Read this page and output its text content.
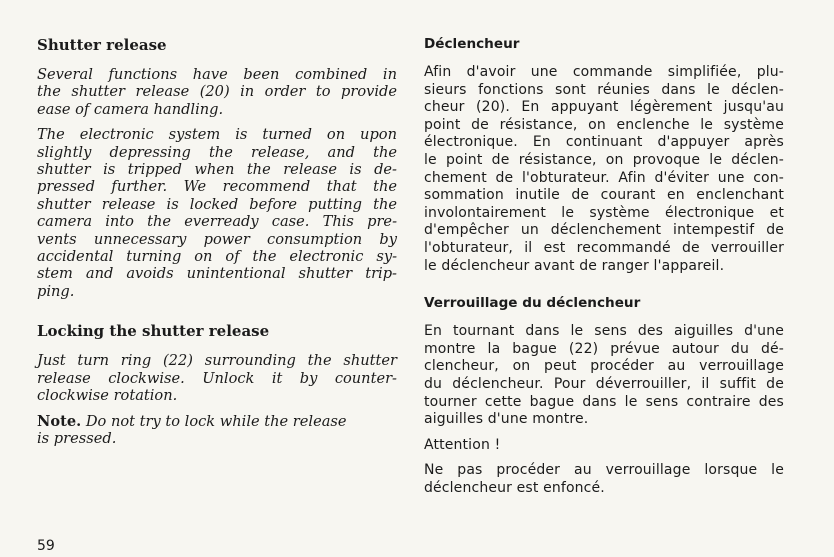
Shutter release

Several functions have been combined in
the shutter release (20) in order to provide
ease of camera handling.

The electronic system is turned on upon
slightly depressing the release, and the
shutter is tripped when the release is de-
pressed further. We recommend that the
shutter release is locked before putting the
camera into the everready case. This pre-
vents unnecessary power consumption by
accidental turning on of the electronic sy-
stem and avoids unintentional shutter trip-
ping.

Locking the shutter release

Just turn ring (22) surrounding the shutter
release clockwise. Unlock it by counter-
clockwise rotation.

Note. Do not try to lock while the release
is pressed.

Déclencheur

Afin d'avoir une commande simplifiée, plu-
sieurs fonctions sont réunies dans le déclen-
cheur (20). En appuyant légèrement jusqu'au
point de résistance, on enclenche le système
électronique. En continuant d'appuyer après
le point de résistance, on provoque le déclen-
chement de l'obturateur. Afin d'éviter une con-
sommation inutile de courant en enclenchant
involontairement le système électronique et
d'empêcher un déclenchement intempestif de
l'obturateur, il est recommandé de verrouiller
le déclencheur avant de ranger l'appareil.

Verrouillage du déclencheur

En tournant dans le sens des aiguilles d'une
montre la bague (22) prévue autour du dé-
clencheur, on peut procéder au verrouillage
du déclencheur. Pour déverrouiller, il suffit de
tourner cette bague dans le sens contraire des
aiguilles d'une montre.

Attention !

Ne pas procéder au verrouillage lorsque le
déclencheur est enfoncé.

59
